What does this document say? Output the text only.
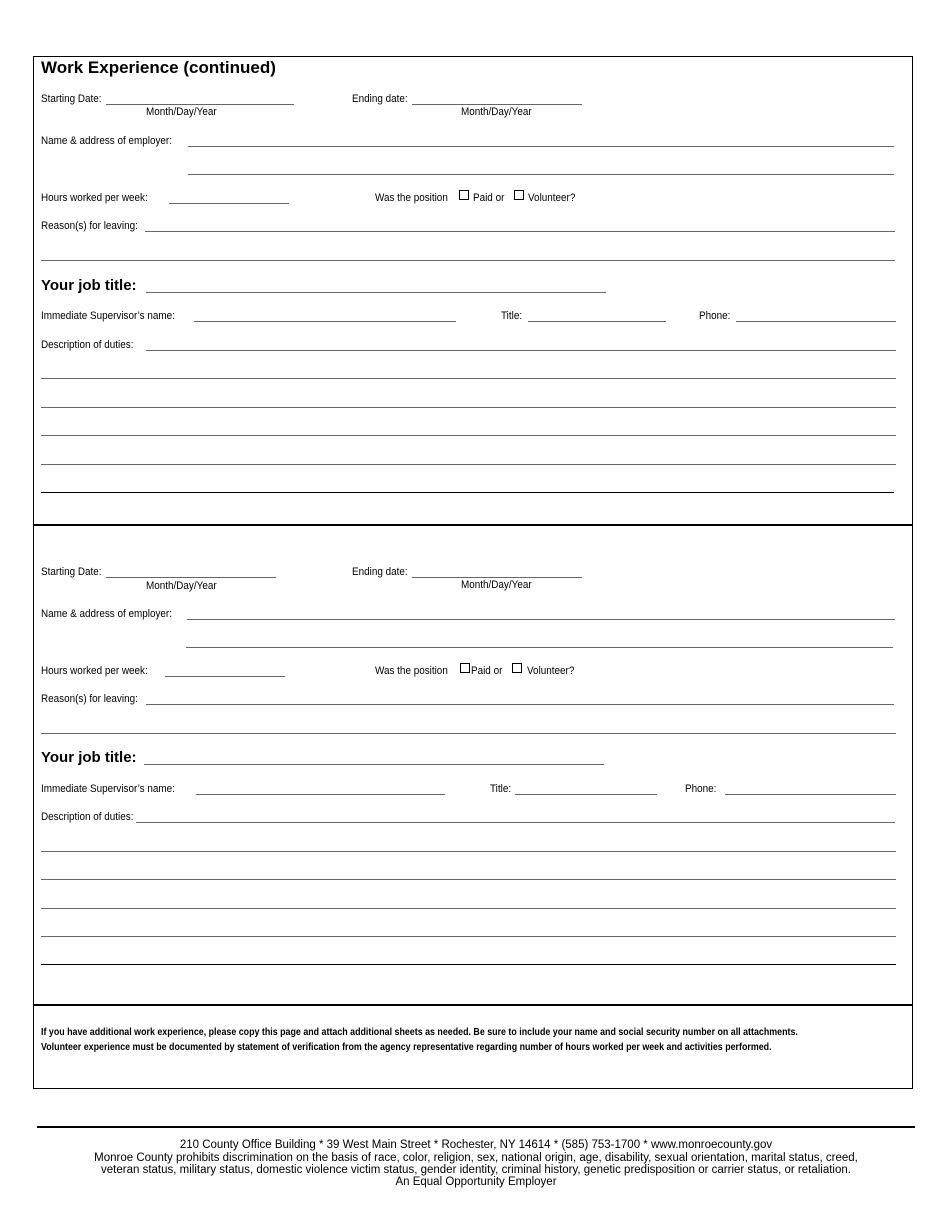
Work Experience (continued)
Starting Date:
Month/Day/Year
Ending date:
Month/Day/Year
Name & address of employer:
Hours worked per week:	Was the position Paid or Volunteer?
Reason(s) for leaving:
Your job title:
Immediate Supervisor’s name:	Title:	Phone:
Description of duties:
Starting Date:
Month/Day/Year
Ending date:
Month/Day/Year
Name & address of employer:
Hours worked per week:	Was the position Paid or Volunteer?
Reason(s) for leaving:
Your job title:
Immediate Supervisor’s name:	Title:	Phone:
Description of duties:
If you have additional work experience, please copy this page and attach additional sheets as needed. Be sure to include your name and social security number on all attachments.
Volunteer experience must be documented by statement of verification from the agency representative regarding number of hours worked per week and activities performed.
210 County Office Building * 39 West Main Street * Rochester, NY 14614 * (585) 753-1700 * www.monroecounty.gov
Monroe County prohibits discrimination on the basis of race, color, religion, sex, national origin, age, disability, sexual orientation, marital status, creed,
veteran status, military status, domestic violence victim status, gender identity, criminal history, genetic predisposition or carrier status, or retaliation.
An Equal Opportunity Employer
